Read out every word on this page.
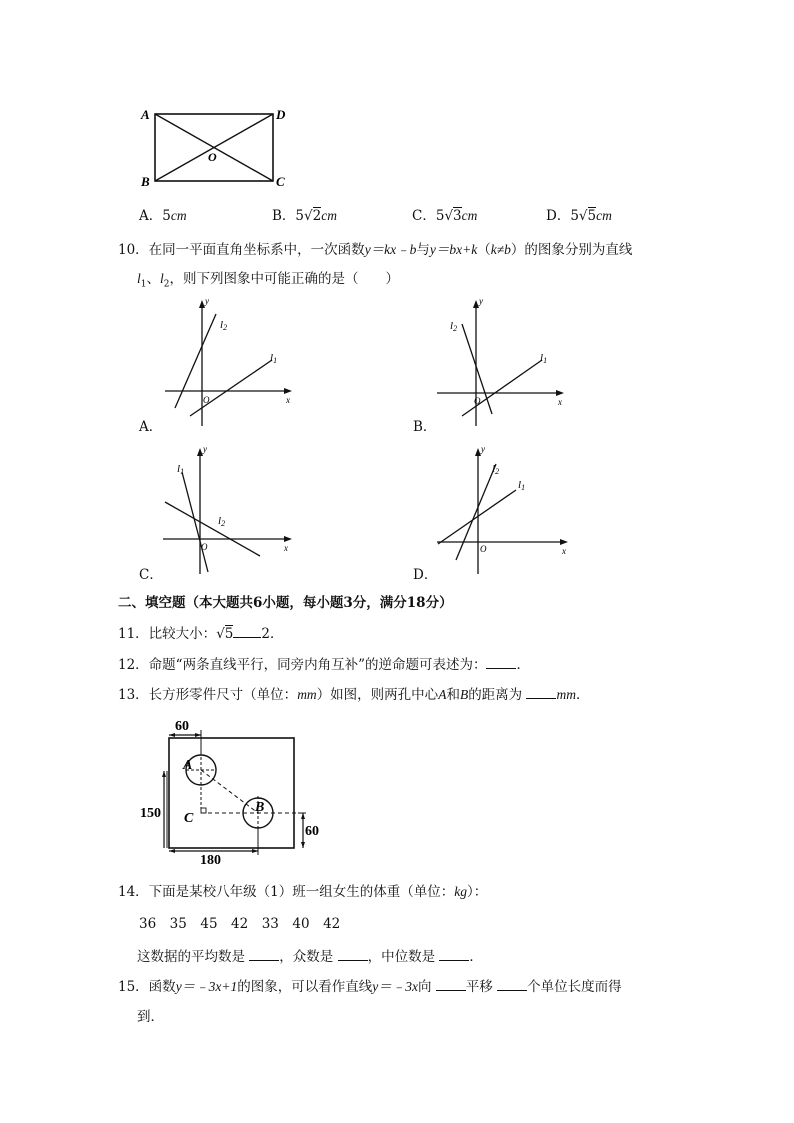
A	D
B	C
O
A．5cm	B．5√2cm	C．5√3cm	D．5√5cm
10．在同一平面直角坐标系中，一次函数y＝kx﹣b与y＝bx+k（k≠b）的图象分别为直线
$l_1$、$l_2$，则下列图象中可能正确的是（　　）
y
x
O
l2
l1
A．
y
x
O
l2
l1
B．
y
x
O
l1
l2
C．
y
x
O
l2
l1
D．
二、填空题（本大题共6小题，每小题3分，满分18分）
11．比较大小：√5 2．
12．命题“两条直线平行，同旁内角互补”的逆命题可表述为： ．
13．长方形零件尺寸（单位：mm）如图，则两孔中心A和B的距离为	mm．
60
150
A
B
C
60
180
14．下面是某校八年级（1）班一组女生的体重（单位：kg）：
36　35　45　42　33　40　42
这数据的平均数是	，众数是	，中位数是	．
15．函数y＝﹣3x+1的图象，可以看作直线y＝﹣3x向	平移	个单位长度而得
到．
